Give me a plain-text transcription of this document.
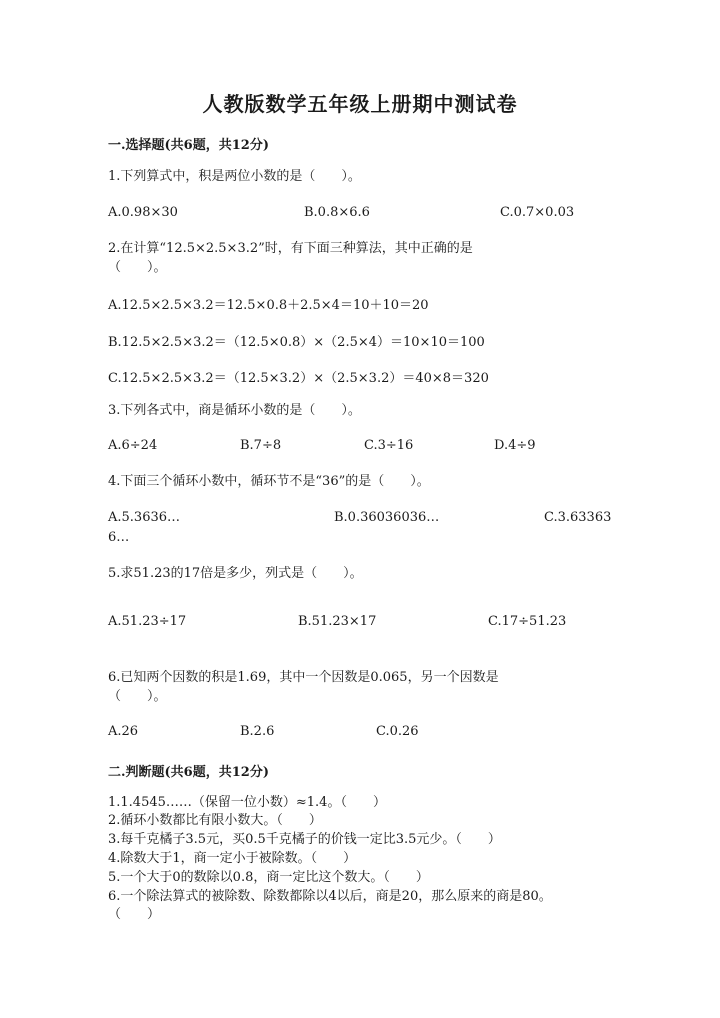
人教版数学五年级上册期中测试卷
一.选择题(共6题，共12分)
1.下列算式中，积是两位小数的是（　　）。
A.0.98×30	B.0.8×6.6	C.0.7×0.03
2.在计算“12.5×2.5×3.2”时，有下面三种算法，其中正确的是
（　　）。
A.12.5×2.5×3.2＝12.5×0.8＋2.5×4＝10＋10＝20
B.12.5×2.5×3.2＝（12.5×0.8）×（2.5×4）＝10×10＝100
C.12.5×2.5×3.2＝（12.5×3.2）×（2.5×3.2）＝40×8＝320
3.下列各式中，商是循环小数的是（　　）。
A.6÷24	B.7÷8	C.3÷16	D.4÷9
4.下面三个循环小数中，循环节不是“36”的是（　　）。
A.5.3636…	B.0.36036036…	C.3.63363
6…
5.求51.23的17倍是多少，列式是（　　）。
A.51.23÷17	B.51.23×17	C.17÷51.23
6.已知两个因数的积是1.69，其中一个因数是0.065，另一个因数是
（　　）。
A.26	B.2.6	C.0.26
二.判断题(共6题，共12分)
1.1.4545……（保留一位小数）≈1.4。（　　）
2.循环小数都比有限小数大。（　　）
3.每千克橘子3.5元，买0.5千克橘子的价钱一定比3.5元少。（　　）
4.除数大于1，商一定小于被除数。（　　）
5.一个大于0的数除以0.8，商一定比这个数大。（　　）
6.一个除法算式的被除数、除数都除以4以后，商是20，那么原来的商是80。
（　　）
